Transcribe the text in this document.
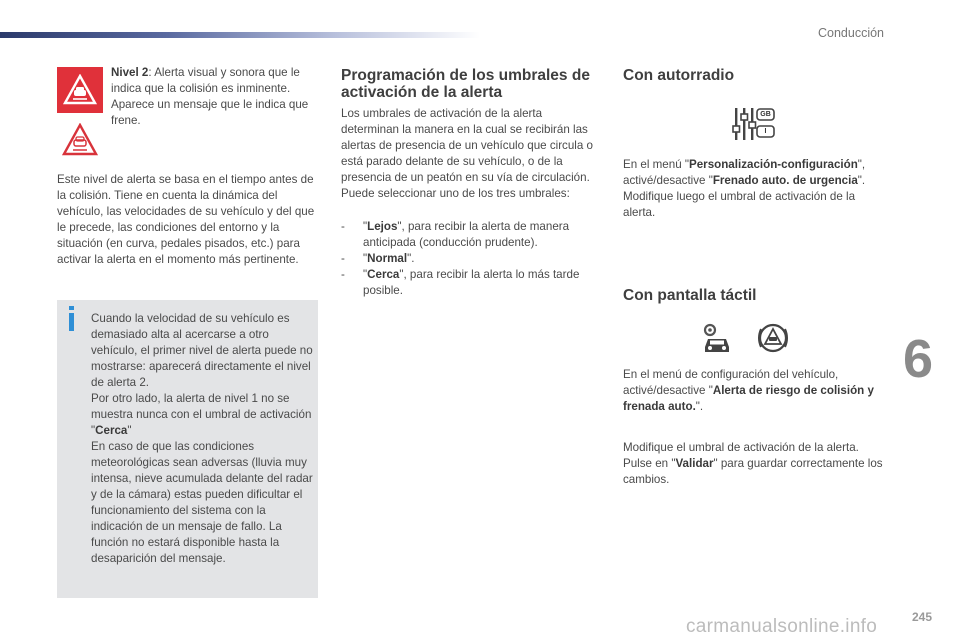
Conducción

Nivel 2: Alerta visual y sonora que le indica que la colisión es inminente. Aparece un mensaje que le indica que frene.

Este nivel de alerta se basa en el tiempo antes de la colisión. Tiene en cuenta la dinámica del vehículo, las velocidades de su vehículo y del que le precede, las condiciones del entorno y la situación (en curva, pedales pisados, etc.) para activar la alerta en el momento más pertinente.

Cuando la velocidad de su vehículo es demasiado alta al acercarse a otro vehículo, el primer nivel de alerta puede no mostrarse: aparecerá directamente el nivel de alerta 2.

Por otro lado, la alerta de nivel 1 no se muestra nunca con el umbral de activación "Cerca"

En caso de que las condiciones meteorológicas sean adversas (lluvia muy intensa, nieve acumulada delante del radar y de la cámara) estas pueden dificultar el funcionamiento del sistema con la indicación de un mensaje de fallo. La función no estará disponible hasta la desaparición del mensaje.

Programación de los umbrales de activación de la alerta

Los umbrales de activación de la alerta determinan la manera en la cual se recibirán las alertas de presencia de un vehículo que circula o está parado delante de su vehículo, o de la presencia de un peatón en su vía de circulación.

Puede seleccionar uno de los tres umbrales:

- "Lejos", para recibir la alerta de manera anticipada (conducción prudente).
- "Normal".
- "Cerca", para recibir la alerta lo más tarde posible.
Con autorradio
GB
I

En el menú "Personalización-configuración",

activé/desactive "Frenado auto. de urgencia".

Modifique luego el umbral de activación de la alerta.

Con pantalla táctil

En el menú de configuración del vehículo,

activé/desactive "Alerta de riesgo de colisión y frenada auto.".

Modifique el umbral de activación de la alerta.

Pulse en "Validar" para guardar correctamente los cambios.

6
245
carmanualsonline.info
